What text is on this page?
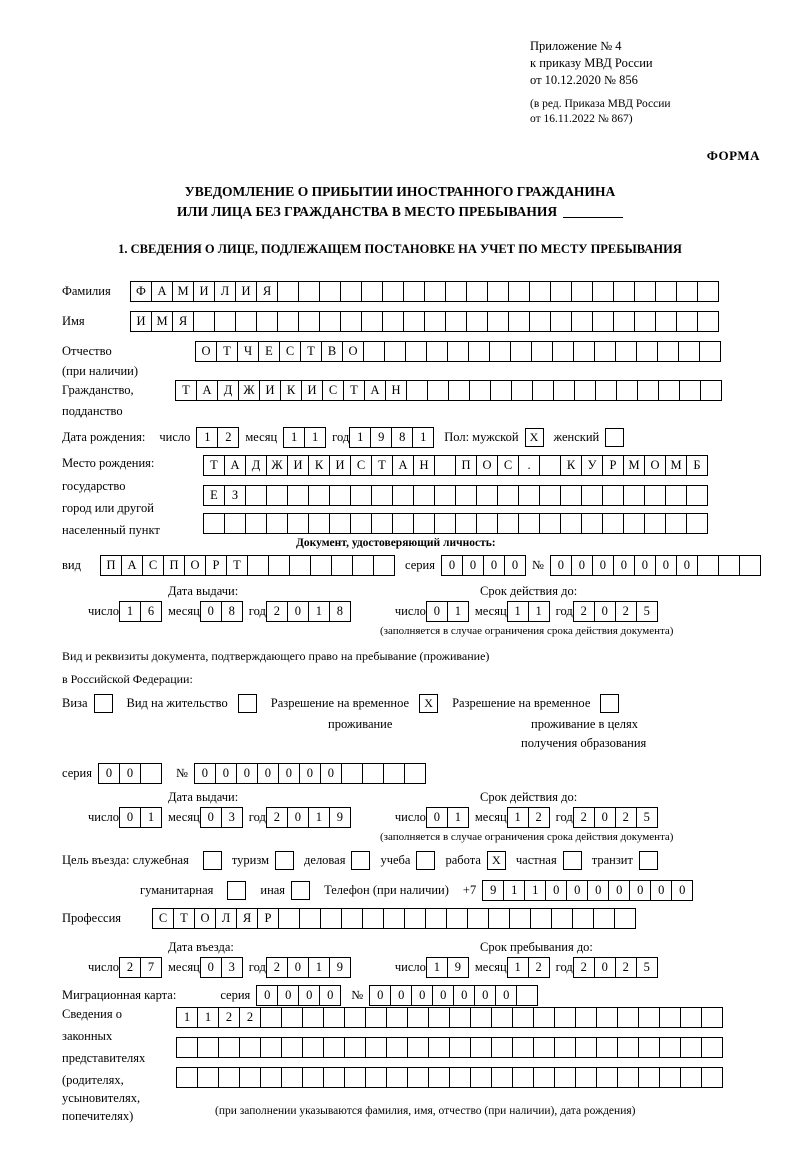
Приложение № 4
к приказу МВД России
от 10.12.2020 № 856
(в ред. Приказа МВД России
от 16.11.2022 № 867)
ФОРМА
УВЕДОМЛЕНИЕ О ПРИБЫТИИ ИНОСТРАННОГО ГРАЖДАНИНА
ИЛИ ЛИЦА БЕЗ ГРАЖДАНСТВА В МЕСТО ПРЕБЫВАНИЯ
1. СВЕДЕНИЯ О ЛИЦЕ, ПОДЛЕЖАЩЕМ ПОСТАНОВКЕ НА УЧЕТ ПО МЕСТУ ПРЕБЫВАНИЯ
Фамилия	Ф А М И Л И Я
Имя	И М Я
Отчество	О	Т	Ч	Е	С	Т	В О
(при наличии)
Гражданство,	Т	А Д Ж И К И С	Т	А Н
подданство
Дата рождения: число	1	2	месяц	1	1	год 1	9	8	1	Пол: мужской Х	женский
Место рождения:
государство
город или другой
населенный пункт
Т	А Д Ж И К И С	Т	А Н	П О С	.	К У	Р М О М Б
Е	З
Документ, удостоверяющий личность:
вид	П А С П О	Р	Т	серия	0	0	0	0	№	0	0	0	0	0	0	0
Дата выдачи:	Срок действия до:
число 1	6	месяц 0	8	год 2	0	1	8	число 0	1	месяц 1	1	год 2	0	2	5
(заполняется в случае ограничения срока действия документа)
Вид и реквизиты документа, подтверждающего право на пребывание (проживание)
в Российской Федерации:
Виза	Вид на жительство	Разрешение на временное	Х	Разрешение на временное
проживание	проживание в целях
получения образования
серия	0	0	№	0	0	0	0	0	0	0
Дата выдачи:	Срок действия до:
число 0	1	месяц 0	3	год 2	0	1	9	число 0	1	месяц 1	2	год 2	0	2	5
(заполняется в случае ограничения срока действия документа)
Цель въезда: служебная	туризм	деловая	учеба	работа Х	частная	транзит
гуманитарная	иная	Телефон (при наличии) +7	9	1	1	0	0	0	0	0	0	0
Профессия	С	Т	О Л	Я	Р
Дата въезда:	Срок пребывания до:
число 2	7	месяц 0	3	год 2	0	1	9	число 1	9	месяц 1	2	год 2	0	2	5
Миграционная карта:	серия	0	0	0	0	№	0	0	0	0	0	0	0
Сведения о
законных
представителях
(родителях,
усыновителях,
попечителях)
1	1	2	2
(при заполнении указываются фамилия, имя, отчество (при наличии), дата рождения)
